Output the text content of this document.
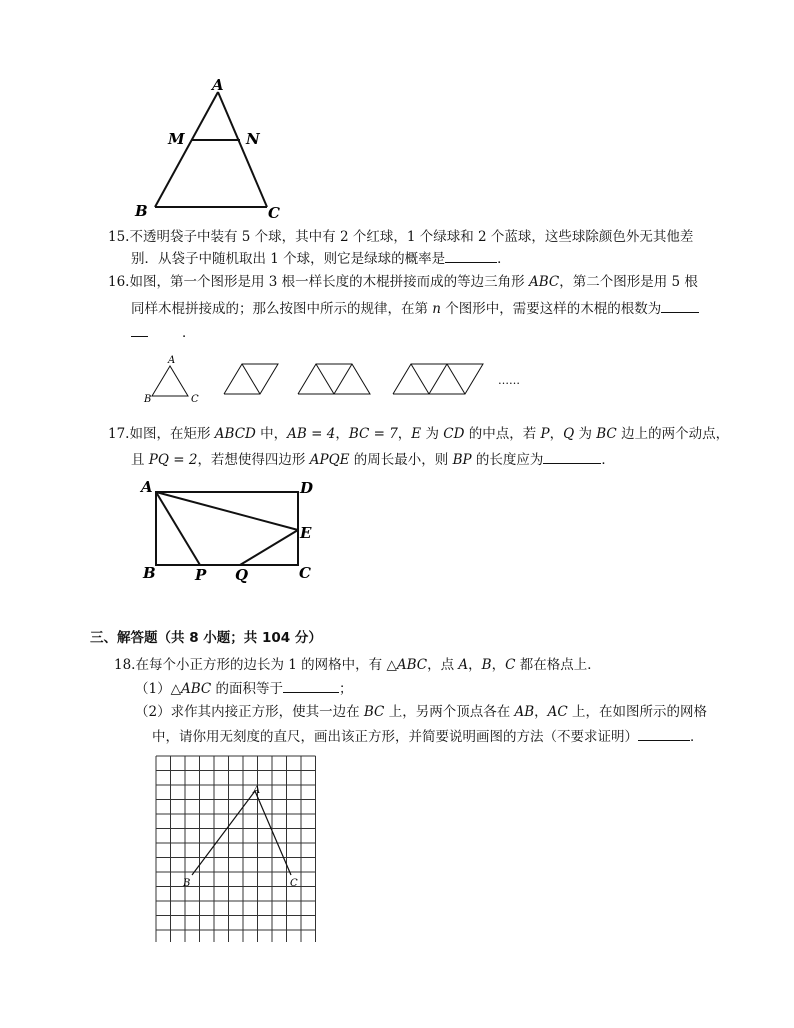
A
M	N
B	C
15.不透明袋子中装有 5 个球，其中有 2 个红球，1 个绿球和 2 个蓝球，这些球除颜色外无其他差
别．从袋子中随机取出 1 个球，则它是绿球的概率是	．
16.如图，第一个图形是用 3 根一样长度的木棍拼接而成的等边三角形 ABC，第二个图形是用 5 根
同样木棍拼接成的；那么按图中所示的规律，在第 n 个图形中，需要这样的木棍的根数为
．
A
B	C
……
17.如图，在矩形 ABCD 中，AB = 4，BC = 7，E 为 CD 的中点，若 P，Q 为 BC 边上的两个动点，
且 PQ = 2，若想使得四边形 APQE 的周长最小，则 BP 的长度应为	．
A	D
E
B	P Q	C
三、解答题（共 8 小题；共 104 分）
18.在每个小正方形的边长为 1 的网格中，有 △ABC，点 A，B，C 都在格点上．
（1）△ABC 的面积等于	；
（2）求作其内接正方形，使其一边在 BC 上，另两个顶点各在 AB，AC 上，在如图所示的网格
中，请你用无刻度的直尺，画出该正方形，并简要说明画图的方法（不要求证明）	．
A
B	C
